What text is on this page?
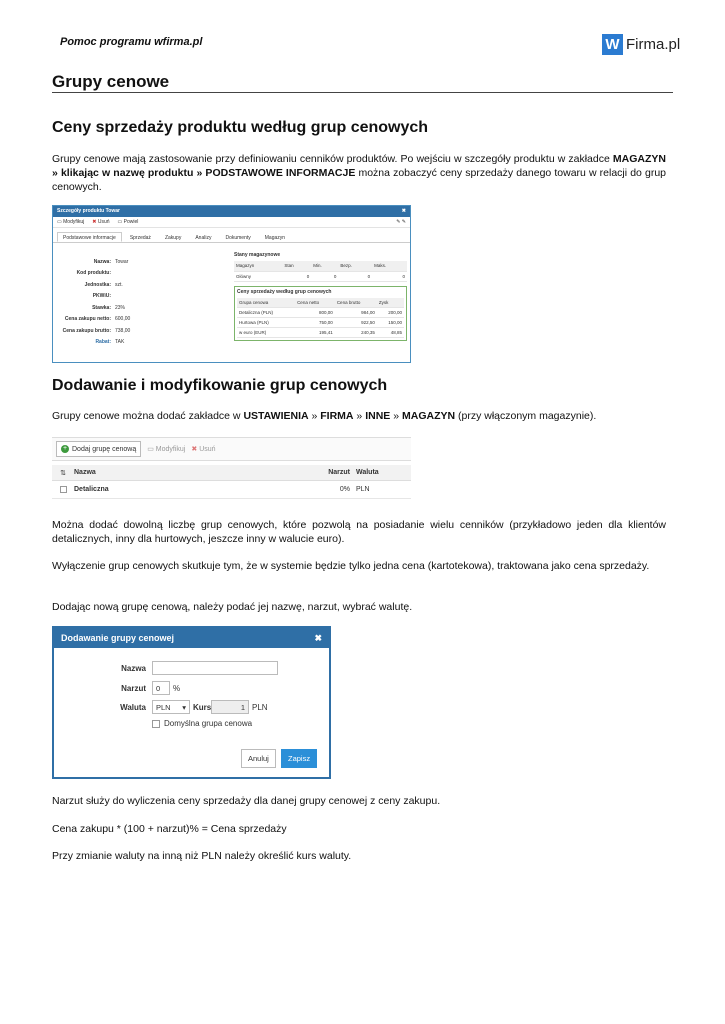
Pomoc programu wfirma.pl	W Firma.pl
Grupy cenowe
Ceny sprzedaży produktu według grup cenowych
Grupy cenowe mają zastosowanie przy definiowaniu cenników produktów. Po wejściu w szczegóły produktu w zakładce MAGAZYN » klikając w nazwę produktu » PODSTAWOWE INFORMACJE można zobaczyć ceny sprzedaży danego towaru w relacji do grup cenowych.
Szczegóły produktu Towar	✖
▭ Modyfikuj ✖ Usuń ▭ Powiel	✎ ✎
Podstawowe informacje	Sprzedaż	Zakupy	Analizy	Dokumenty	Magazyn
Nazwa: Towar
Kod produktu:
Jednostka: szt.
PKWiU:
Stawka: 23%
Cena zakupu netto: 600,00
Cena zakupu brutto: 738,00
Rabat: TAK
Stany magazynowe
Magazyn	Stan	Min.	Bezp.	Maks.
Główny	0	0	0	0
Ceny sprzedaży według grup cenowych
Grupa cenowa	Cena netto	Cena brutto	Zysk
Detaliczna (PLN)	800,00	984,00	200,00
Hurtowa (PLN)	750,00	922,50	150,00
w euro (EUR)	195,41	240,35	48,85
Dodawanie i modyfikowanie grup cenowych
Grupy cenowe można dodać zakładce w USTAWIENIA » FIRMA » INNE » MAGAZYN (przy włączonym magazynie).
+ Dodaj grupę cenową ▭ Modyfikuj ✖ Usuń
⇅	Nazwa	Narzut Waluta
Detaliczna	0% PLN
Można dodać dowolną liczbę grup cenowych, które pozwolą na posiadanie wielu cenników (przykładowo jeden dla klientów detalicznych, inny dla hurtowych, jeszcze inny w walucie euro).
Wyłączenie grup cenowych skutkuje tym, że w systemie będzie tylko jedna cena (kartotekowa), traktowana jako cena sprzedaży.
Dodając nową grupę cenową, należy podać jej nazwę, narzut, wybrać walutę.
Dodawanie grupy cenowej	✖
Nazwa
Narzut	0	%
Waluta PLN ▾ Kurs	1 PLN
Domyślna grupa cenowa
Anuluj	Zapisz
Narzut służy do wyliczenia ceny sprzedaży dla danej grupy cenowej z ceny zakupu.
Cena zakupu * (100 + narzut)% = Cena sprzedaży
Przy zmianie waluty na inną niż PLN należy określić kurs waluty.
